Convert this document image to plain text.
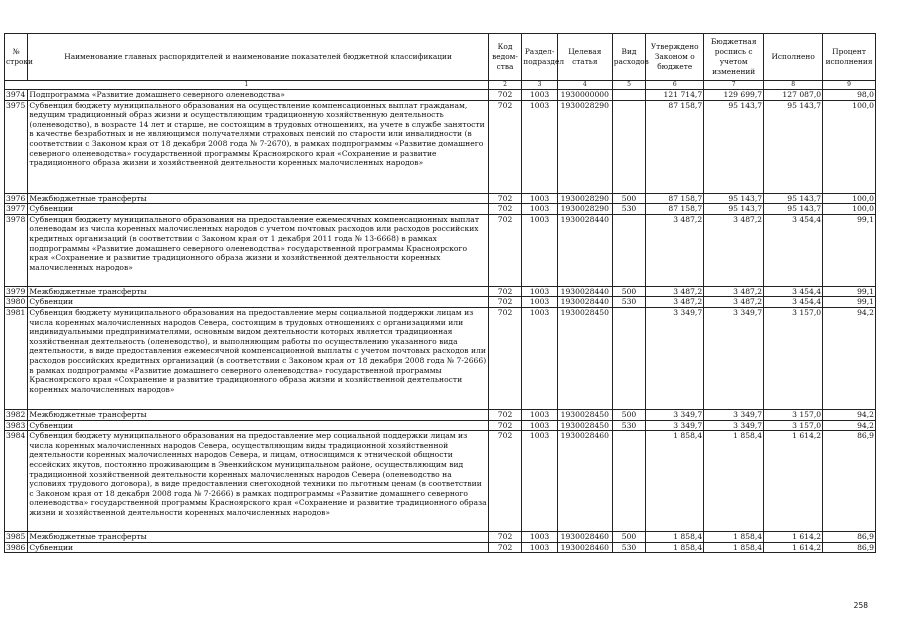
№ строки	Наименование главных распорядителей и наименование показателей бюджетной классификации	Код ведом-ства	Раздел-подраздел	Целевая статья	Вид расходов	Утверждено Законом о бюджете	Бюджетная роспись с учетом изменений	Исполнено	Процент исполнения
1		2	3	4	5	6	7	8	9
3974	Подпрограмма «Развитие домашнего северного оленеводства»	702	1003	1930000000		121 714,7	129 699,7	127 087,0	98,0
3975	Субвенция бюджету муниципального образования на осуществление компенсационных выплат гражданам, ведущим традиционный образ жизни и осуществляющим традиционную хозяйственную деятельность (оленеводство), в возрасте 14 лет и старше, не состоящим в трудовых отношениях, на учете в службе занятости в качестве безработных и не являющимся получателями страховых пенсий по старости или инвалидности (в соответствии с Законом края от 18 декабря 2008 года № 7-2670), в рамках подпрограммы «Развитие домашнего северного оленеводства» государственной программы Красноярского края «Сохранение и развитие традиционного образа жизни и хозяйственной деятельности коренных малочисленных народов»	702	1003	1930028290		87 158,7	95 143,7	95 143,7	100,0
3976	Межбюджетные трансферты	702	1003	1930028290	500	87 158,7	95 143,7	95 143,7	100,0
3977	Субвенции	702	1003	1930028290	530	87 158,7	95 143,7	95 143,7	100,0
3978	Субвенция бюджету муниципального образования на предоставление ежемесячных компенсационных выплат оленеводам из числа коренных малочисленных народов с учетом почтовых расходов или расходов российских кредитных организаций (в соответствии с Законом края от 1 декабря 2011 года № 13-6668) в рамках подпрограммы «Развитие домашнего северного оленеводства» государственной программы Красноярского края «Сохранение и развитие традиционного образа жизни и хозяйственной деятельности коренных малочисленных народов»	702	1003	1930028440		3 487,2	3 487,2	3 454,4	99,1
3979	Межбюджетные трансферты	702	1003	1930028440	500	3 487,2	3 487,2	3 454,4	99,1
3980	Субвенции	702	1003	1930028440	530	3 487,2	3 487,2	3 454,4	99,1
3981	Субвенция бюджету муниципального образования на предоставление меры социальной поддержки лицам из числа коренных малочисленных народов Севера, состоящим в трудовых отношениях с организациями или индивидуальными предпринимателями, основным видом деятельности которых является традиционная хозяйственная деятельность (оленеводство), и выполняющим работы по осуществлению указанного вида деятельности, в виде предоставления ежемесячной компенсационной выплаты с учетом почтовых расходов или расходов российских кредитных организаций (в соответствии с Законом края от 18 декабря 2008 года № 7-2666) в рамках подпрограммы «Развитие домашнего северного оленеводства» государственной программы Красноярского края «Сохранение и развитие традиционного образа жизни и хозяйственной деятельности коренных малочисленных народов»	702	1003	1930028450		3 349,7	3 349,7	3 157,0	94,2
3982	Межбюджетные трансферты	702	1003	1930028450	500	3 349,7	3 349,7	3 157,0	94,2
3983	Субвенции	702	1003	1930028450	530	3 349,7	3 349,7	3 157,0	94,2
3984	Субвенция бюджету муниципального образования на предоставление мер социальной поддержки лицам из числа коренных малочисленных народов Севера, осуществляющим виды традиционной хозяйственной деятельности коренных малочисленных народов Севера, и лицам, относящимся к этнической общности ессейских якутов, постоянно проживающим в Эвенкийском муниципальном районе, осуществляющим вид традиционной хозяйственной деятельности коренных малочисленных народов Севера (оленеводство на условиях трудового договора), в виде предоставления снегоходной техники по льготным ценам (в соответствии с Законом края от 18 декабря 2008 года № 7-2666) в рамках подпрограммы «Развитие домашнего северного оленеводства» государственной программы Красноярского края «Сохранение и развитие традиционного образа жизни и хозяйственной деятельности коренных малочисленных народов»	702	1003	1930028460		1 858,4	1 858,4	1 614,2	86,9
3985	Межбюджетные трансферты	702	1003	1930028460	500	1 858,4	1 858,4	1 614,2	86,9
3986	Субвенции	702	1003	1930028460	530	1 858,4	1 858,4	1 614,2	86,9
258
